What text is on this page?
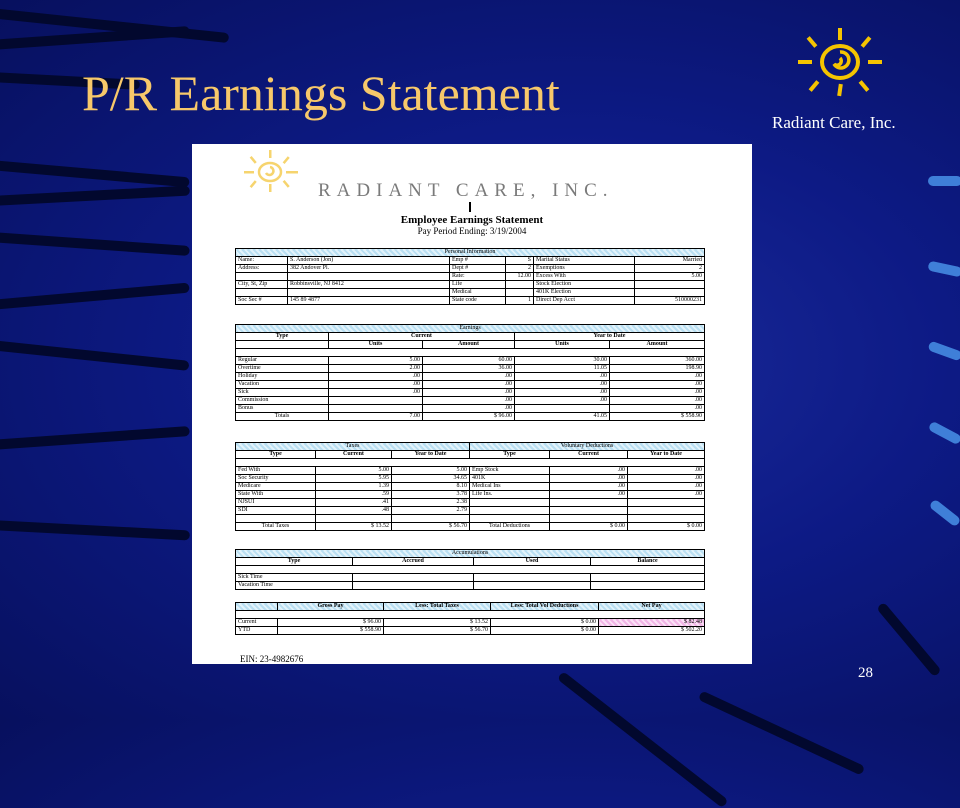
P/R Earnings Statement
Radiant Care, Inc.
RADIANT CARE, INC.
Employee Earnings Statement
Pay Period Ending: 3/19/2004
Personal Information					
Name:	S. Anderson (Jon)	Emp #	S	Marital Status	Married
Address:	382 Andover Pl.	Dept #	2	Exemptions	2
		Rate:	12.00	Excess With	5.00
City, St, Zip	Robbinsville, NJ 8412	Life		Stock Election	
		Medical		401K Election	
Soc Sec #	145 89 4877	State code	1	Direct Dep Acct	510000231
Earnings				
Type	Current		Year to Date	
	Units	Amount	Units	Amount

Regular	5.00	60.00	30.00	360.00
Overtime	2.00	36.00	11.05	198.90
Holiday	.00	.00	.00	.00
Vacation	.00	.00	.00	.00
Sick	.00	.00	.00	.00
Commission		.00	.00	.00
Bonus		.00		.00
Totals	7.00	$ 96.00	41.05	$ 558.90
Taxes			Voluntary Deductions		
Type	Current	Year to Date	Type	Current	Year to Date

Fed With	5.00	5.00	Emp Stock	.00	.00
Soc Security	5.95	34.65	401K	.00	.00
Medicare	1.39	8.10	Medical Ins	.00	.00
State With	.59	3.78	Life Ins.	.00	.00
NJSUI	.41	2.38			
SDI	.48	2.79			

Total Taxes	$ 13.52	$ 56.70	Total Deductions	$ 0.00	$ 0.00
Accumulations			
Type	Accrued	Used	Balance

Sick Time			
Vacation Time			
	Gross Pay	Less: Total Taxes	Less: Total Vol Deductions	Net Pay

Current	$ 96.00	$ 13.52	$ 0.00	$ 82.48
YTD	$ 558.90	$ 56.70	$ 0.00	$ 502.20
EIN: 23-4982676
28
